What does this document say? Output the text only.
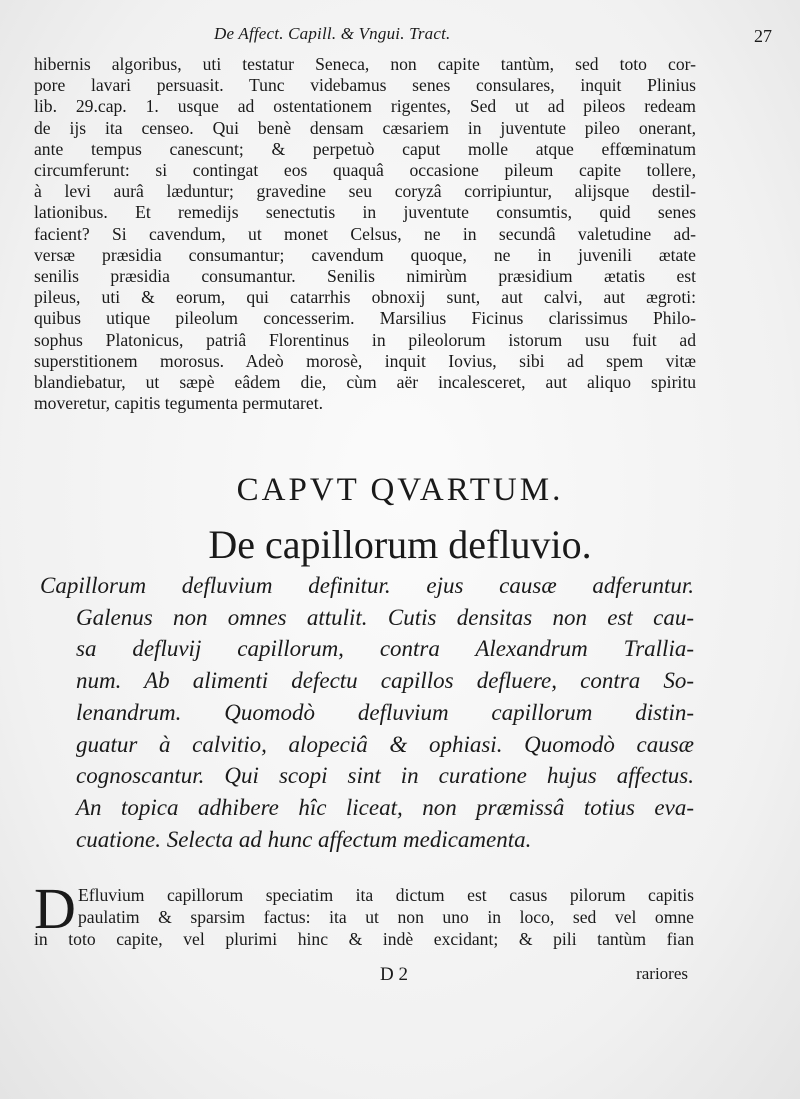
De Affect. Capill. & Vngui. Tract.	27
hibernis algoribus, uti testatur Seneca, non capite tantùm, sed toto cor-
pore lavari persuasit. Tunc videbamus senes consulares, inquit Plinius
lib. 29.cap. 1. usque ad ostentationem rigentes, Sed ut ad pileos redeam
de ijs ita censeo. Qui benè densam cæsariem in juventute pileo onerant,
ante tempus canescunt; & perpetuò caput molle atque effœminatum
circumferunt: si contingat eos quaquâ occasione pileum capite tollere,
à levi aurâ læduntur; gravedine seu coryzâ corripiuntur, alijsque destil-
lationibus. Et remedijs senectutis in juventute consumtis, quid senes
facient? Si cavendum, ut monet Celsus, ne in secundâ valetudine ad-
versæ præsidia consumantur; cavendum quoque, ne in juvenili ætate
senilis præsidia consumantur. Senilis nimirùm præsidium ætatis est
pileus, uti & eorum, qui catarrhis obnoxij sunt, aut calvi, aut ægroti:
quibus utique pileolum concesserim. Marsilius Ficinus clarissimus Philo-
sophus Platonicus, patriâ Florentinus in pileolorum istorum usu fuit ad
superstitionem morosus. Adeò morosè, inquit Iovius, sibi ad spem vitæ
blandiebatur, ut sæpè eâdem die, cùm aër incalesceret, aut aliquo spiritu
moveretur, capitis tegumenta permutaret.
CAPVT QVARTUM.
De capillorum defluvio.
Capillorum defluvium definitur. ejus causæ adferuntur.
Galenus non omnes attulit. Cutis densitas non est cau-
sa defluvij capillorum, contra Alexandrum Trallia-
num. Ab alimenti defectu capillos defluere, contra So-
lenandrum. Quomodò defluvium capillorum distin-
guatur à calvitio, alopeciâ & ophiasi. Quomodò causæ
cognoscantur. Qui scopi sint in curatione hujus affectus.
An topica adhibere hîc liceat, non præmissâ totius eva-
cuatione. Selecta ad hunc affectum medicamenta.
D Efluvium capillorum speciatim ita dictum est casus pilorum capitis
paulatim & sparsim factus: ita ut non uno in loco, sed vel omne
in toto capite, vel plurimi hinc & indè excidant; & pili tantùm fian
D 2	rariores
